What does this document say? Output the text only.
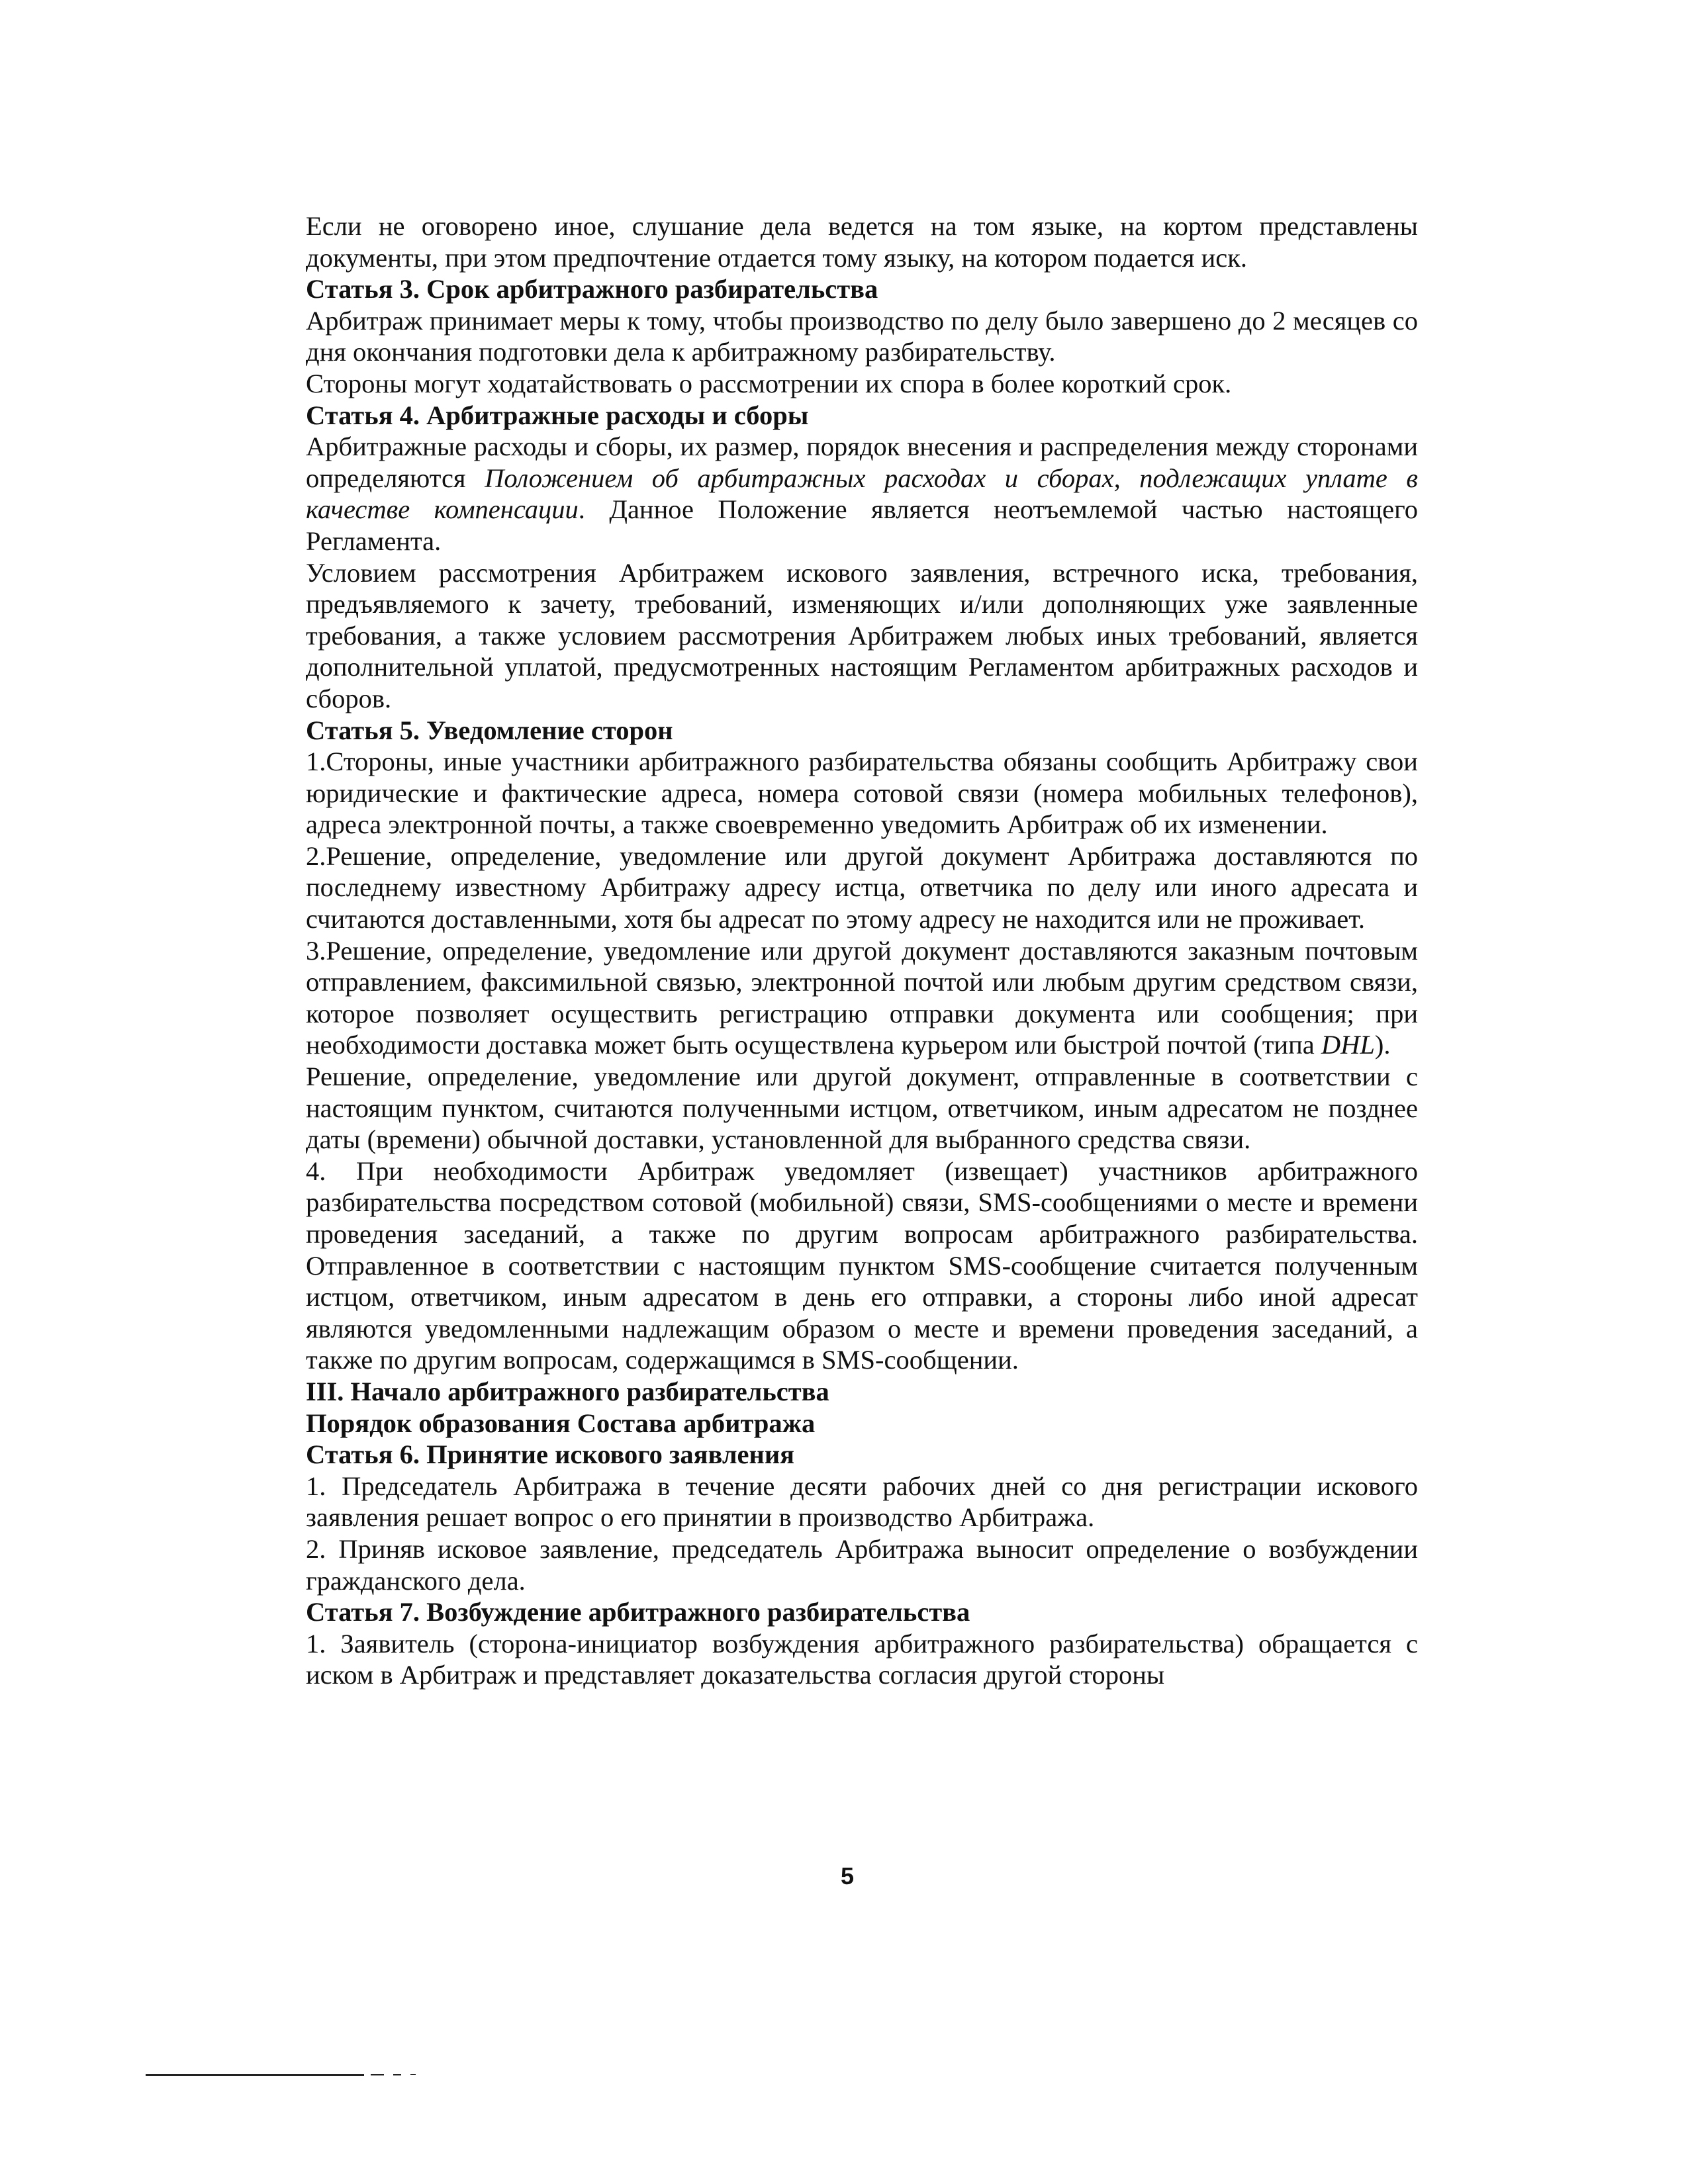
Если не оговорено иное, слушание дела ведется на том языке, на кортом представлены документы, при этом предпочтение отдается тому языку, на котором подается иск.

Статья 3. Срок арбитражного разбирательства

Арбитраж принимает меры к тому, чтобы производство по делу было завершено до 2 месяцев со дня окончания подготовки дела к арбитражному разбирательству.

Стороны могут ходатайствовать о рассмотрении их спора в более короткий срок.

Статья 4. Арбитражные расходы и сборы

Арбитражные расходы и сборы, их размер, порядок внесения и распределения между сторонами определяются Положением об арбитражных расходах и сборах, подлежащих уплате в качестве компенсации. Данное Положение является неотъемлемой частью настоящего Регламента.

Условием рассмотрения Арбитражем искового заявления, встречного иска, требования, предъявляемого к зачету, требований, изменяющих и/или дополняющих уже заявленные требования, а также условием рассмотрения Арбитражем любых иных требований, является дополнительной уплатой, предусмотренных настоящим Регламентом арбитражных расходов и сборов.

Статья 5. Уведомление сторон

1.Стороны, иные участники арбитражного разбирательства обязаны сообщить Арбитражу свои юридические и фактические адреса, номера сотовой связи (номера мобильных телефонов), адреса электронной почты, а также своевременно уведомить Арбитраж об их изменении.

2.Решение, определение, уведомление или другой документ Арбитража доставляются по последнему известному Арбитражу адресу истца, ответчика по делу или иного адресата и считаются доставленными, хотя бы адресат по этому адресу не находится или не проживает.

3.Решение, определение, уведомление или другой документ доставляются заказным почтовым отправлением, факсимильной связью, электронной почтой или любым другим средством связи, которое позволяет осуществить регистрацию отправки документа или сообщения; при необходимости доставка может быть осуществлена курьером или быстрой почтой (типа DHL).

Решение, определение, уведомление или другой документ, отправленные в соответствии с настоящим пунктом, считаются полученными истцом, ответчиком, иным адресатом не позднее даты (времени) обычной доставки, установленной для выбранного средства связи.

4. При необходимости Арбитраж уведомляет (извещает) участников арбитражного разбирательства посредством сотовой (мобильной) связи, SMS-сообщениями о месте и времени проведения заседаний, а также по другим вопросам арбитражного разбирательства. Отправленное в соответствии с настоящим пунктом SMS-сообщение считается полученным истцом, ответчиком, иным адресатом в день его отправки, а стороны либо иной адресат являются уведомленными надлежащим образом о месте и времени проведения заседаний, а также по другим вопросам, содержащимся в SMS-сообщении.

III. Начало арбитражного разбирательства
Порядок образования Состава арбитража
Статья 6. Принятие искового заявления

1. Председатель Арбитража в течение десяти рабочих дней со дня регистрации искового заявления решает вопрос о его принятии в производство Арбитража.

2. Приняв исковое заявление, председатель Арбитража выносит определение о возбуждении гражданского дела.

Статья 7. Возбуждение арбитражного разбирательства

1. Заявитель (сторона-инициатор возбуждения арбитражного разбирательства) обращается с иском в Арбитраж и представляет доказательства согласия другой стороны

5
